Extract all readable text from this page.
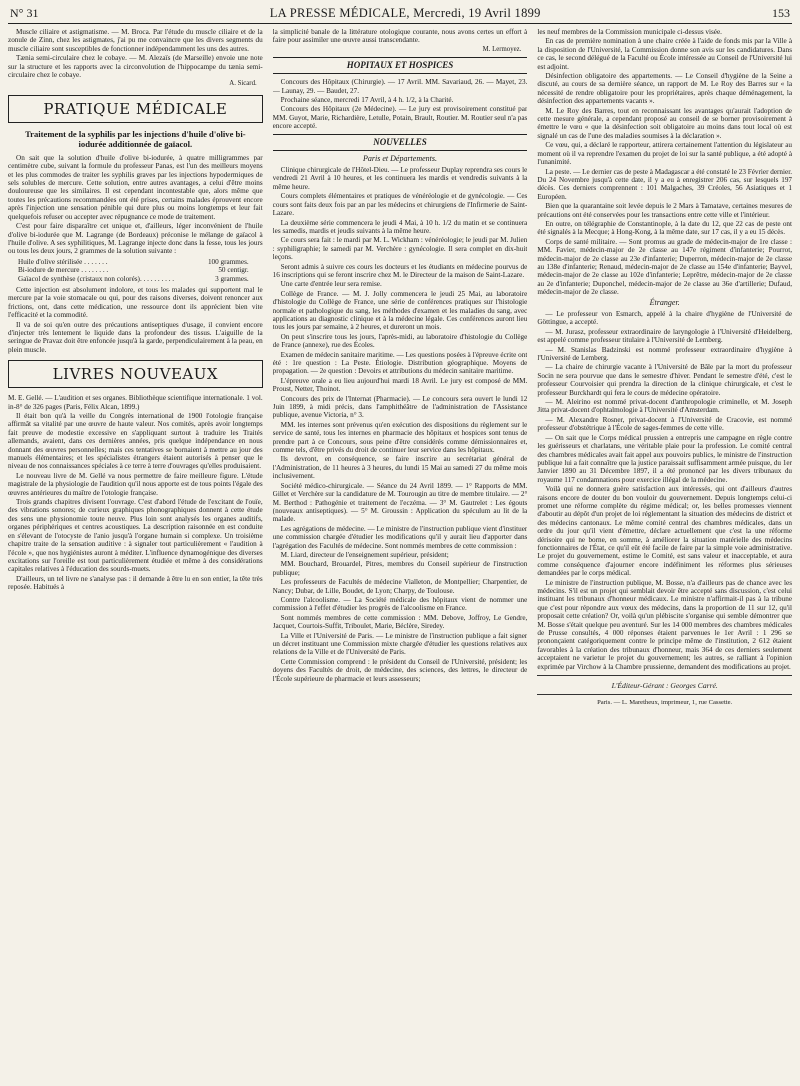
N° 31	LA PRESSE MÉDICALE, Mercredi, 19 Avril 1899	153

Muscle ciliaire et astigmatisme. — M. Broca. Par l'étude du muscle ciliaire et de la zonule de Zinn, chez les astigmates, j'ai pu me convaincre que les divers segments du muscle ciliaire sont susceptibles de fonctionner indépendamment les uns des autres.

Tænia semi-circulaire chez le cobaye. — M. Alezaïs (de Marseille) envoie une note sur la structure et les rapports avec la circonvolution de l'hippocampe du tænia semi-circulaire chez le cobaye.

A. Sicard.
PRATIQUE MÉDICALE
Traitement de la syphilis par les injections d'huile d'olive bi-iodurée additionnée de gaïacol.

On sait que la solution d'huile d'olive bi-iodurée, à quatre milligrammes par centimètre cube, suivant la formule du professeur Panas, est l'un des meilleurs moyens et les plus commodes de traiter les syphilis graves par les injections hypodermiques de sels solubles de mercure. Cette solution, entre autres avantages, a celui d'être moins douloureuse que les similaires. Il est cependant incontestable que, alors même que toutes les précautions recommandées ont été prises, certains malades éprouvent encore après l'injection une sensation pénible qui dure plus ou moins longtemps et leur fait quelquefois refuser ou accepter avec répugnance ce mode de traitement.

C'est pour faire disparaître cet unique et, d'ailleurs, léger inconvénient de l'huile d'olive bi-iodurée que M. Lagrange (de Bordeaux) préconise le mélange de gaïacol à l'huile d'olive. A ses syphilitiques, M. Lagrange injecte donc dans la fesse, tous les jours ou tous les deux jours, 2 grammes de la solution suivante :

Huile d'olive stérilisée . . . . . . .	100 grammes.
Bi-iodure de mercure . . . . . . . .	50 centigr.
Gaïacol de synthèse (cristaux non colorés). . . . . . . . . .	3 grammes.

Cette injection est absolument indolore, et tous les malades qui supportent mal le mercure par la voie stomacale ou qui, pour des raisons diverses, doivent renoncer aux frictions, ont, dans cette médication, une ressource dont ils apprécient bien vite l'efficacité et la commodité.

Il va de soi qu'en outre des précautions antiseptiques d'usage, il convient encore d'injecter très lentement le liquide dans la profondeur des tissus. L'aiguille de la seringue de Pravaz doit être enfoncée jusqu'à la garde, perpendiculairement à la peau, en plein muscle.

LIVRES NOUVEAUX

M. E. Gellé. — L'audition et ses organes. Bibliothèque scientifique internationale. 1 vol. in-8° de 326 pages (Paris, Félix Alcan, 1899.)

Il était bon qu'à la veille du Congrès international de 1900 l'otologie française affirmât sa vitalité par une œuvre de haute valeur. Nos comités, après avoir longtemps fait preuve de modestie excessive en s'appliquant surtout à traduire les Traités allemands, avaient, dans ces dernières années, pris quelque indépendance en nous donnant des œuvres personnelles; mais ces tentatives se bornaient à mettre au jour des manuels élémentaires; et les spécialistes étrangers étaient autorisés à penser que le niveau de nos connaissances spéciales à ce terre à terre d'ouvrages qu'elles produisaient.

Le nouveau livre de M. Gellé va nous permettre de faire meilleure figure. L'étude magistrale de la physiologie de l'audition qu'il nous apporte est de tous points l'égale des œuvres antérieures du maître de l'otologie française.

Trois grands chapitres divisent l'ouvrage. C'est d'abord l'étude de l'excitant de l'ouïe, des vibrations sonores; de curieux graphiques phonographiques donnent à cette étude des sens une physionomie toute neuve. Plus loin sont analysés les organes auditifs, organes périphériques et centres acoustiques. La description raisonnée en est conduite en s'élevant de l'otocyste de l'anio jusqu'à l'organe humain si complexe. Un troisième chapitre traite de la sensation auditive : à signaler tout particulièrement « l'audition à l'école », que nos hygiénistes auront à méditer. L'influence dynamogénique des diverses excitations sur l'oreille est tout particulièrement étudiée et même à des considérations capitales relatives à l'éducation des sourds-muets.

D'ailleurs, un tel livre ne s'analyse pas : il demande à être lu en son entier, la tête très reposée. Habitués à

la simplicité banale de la littérature otologique courante, nous avons certes un effort à faire pour assimiler une œuvre aussi transcendante.

M. Lermoyez.
HOPITAUX ET HOSPICES

Concours des Hôpitaux (Chirurgie). — 17 Avril. MM. Savariaud, 26. — Mayet, 23. — Launay, 29. — Baudet, 27.

Prochaine séance, mercredi 17 Avril, à 4 h. 1/2, à la Charité.

Concours des Hôpitaux (2e Médecine). — Le jury est provisoirement constitué par MM. Guyot, Marie, Richardière, Letulle, Potain, Brault, Routier. M. Routier seul n'a pas encore accepté.

NOUVELLES
Paris et Départements.

Clinique chirurgicale de l'Hôtel-Dieu. — Le professeur Duplay reprendra ses cours le vendredi 21 Avril à 10 heures, et les continuera les mardis et vendredis suivants à la même heure.

Cours complets élémentaires et pratiques de vénéréologie et de gynécologie. — Ces cours sont faits deux fois par an par les médecins et chirurgiens de l'Infirmerie de Saint-Lazare.

La deuxième série commencera le jeudi 4 Mai, à 10 h. 1/2 du matin et se continuera les samedis, mardis et jeudis suivants à la même heure.

Ce cours sera fait : le mardi par M. L. Wickham : vénéréologie; le jeudi par M. Julien : syphiligraphie; le samedi par M. Verchère : gynécologie. Il sera complet en dix-huit leçons.

Seront admis à suivre ces cours les docteurs et les étudiants en médecine pourvus de 16 inscriptions qui se feront inscrire chez M. le Directeur de la maison de Saint-Lazare.

Une carte d'entrée leur sera remise.

Collège de France. — M. J. Jolly commencera le jeudi 25 Mai, au laboratoire d'histologie du Collège de France, une série de conférences pratiques sur l'histologie normale et pathologique du sang, les méthodes d'examen et les maladies du sang, avec applications au diagnostic clinique et à la médecine légale. Ces conférences auront lieu tous les jours par semaine, à 2 heures, et dureront un mois.

On peut s'inscrire tous les jours, l'après-midi, au laboratoire d'histologie du Collège de France (annexe), rue des Écoles.

Examen de médecin sanitaire maritime. — Les questions posées à l'épreuve écrite ont été : 1re question : La Peste. Étiologie. Distribution géographique. Moyens de propagation. — 2e question : Devoirs et attributions du médecin sanitaire maritime.

L'épreuve orale a eu lieu aujourd'hui mardi 18 Avril. Le jury est composé de MM. Proust, Netter, Thoinot.

Concours des prix de l'Internat (Pharmacie). — Le concours sera ouvert le lundi 12 Juin 1899, à midi précis, dans l'amphithéâtre de l'administration de l'Assistance publique, avenue Victoria, n° 3.

MM. les internes sont prévenus qu'en exécution des dispositions du règlement sur le service de santé, tous les internes en pharmacie des hôpitaux et hospices sont tenus de prendre part à ce Concours, sous peine d'être considérés comme démissionnaires et, comme tels, d'être privés du droit de continuer leur service dans les hôpitaux.

Ils devront, en conséquence, se faire inscrire au secrétariat général de l'Administration, de 11 heures à 3 heures, du lundi 15 Mai au samedi 27 du même mois inclusivement.

Société médico-chirurgicale. — Séance du 24 Avril 1899. — 1° Rapports de MM. Gillet et Verchère sur la candidature de M. Tourougin au titre de membre titulaire. — 2° M. Berthod : Pathogénie et traitement de l'eczéma. — 3° M. Gautrelet : Les égouts (nouveaux antiseptiques). — 5° M. Groussin : Application du spéculum au lit de la malade.

Les agrégations de médecine. — Le ministre de l'instruction publique vient d'instituer une commission chargée d'étudier les modifications qu'il y aurait lieu d'apporter dans l'agrégation des Facultés de médecine. Sont nommés membres de cette commission :

M. Liard, directeur de l'enseignement supérieur, président;

MM. Bouchard, Brouardel, Pitres, membres du Conseil supérieur de l'instruction publique;

Les professeurs de Facultés de médecine Vialleton, de Montpellier; Charpentier, de Nancy; Dubar, de Lille, Boudet, de Lyon; Charpy, de Toulouse.

Contre l'alcoolisme. — La Société médicale des hôpitaux vient de nommer une commission à l'effet d'étudier les progrès de l'alcoolisme en France.

Sont nommés membres de cette commission : MM. Debove, Joffroy, Le Gendre, Jacquet, Courtois-Suffit, Triboulet, Marie, Béclère, Siredey.

La Ville et l'Université de Paris. — Le ministre de l'instruction publique a fait signer un décret instituant une Commission mixte chargée d'étudier les questions relatives aux relations de la Ville et de l'Université de Paris.

Cette Commission comprend : le président du Conseil de l'Université, président; les doyens des Facultés de droit, de médecine, des sciences, des lettres, le directeur de l'École supérieure de pharmacie et leurs assesseurs;

les neuf membres de la Commission municipale ci-dessus visée.

En cas de première nomination à une chaire créée à l'aide de fonds mis par la Ville à la disposition de l'Université, la Commission donne son avis sur les candidatures. Dans ce cas, le second délégué de la Faculté ou École intéressée au Conseil de l'Université lui est adjoint.

Désinfection obligatoire des appartements. — Le Conseil d'hygiène de la Seine a discuté, au cours de sa dernière séance, un rapport de M. Le Roy des Barres sur « la nécessité de rendre obligatoire pour les propriétaires, après chaque déménagement, la désinfection des appartements vacants ».

M. Le Roy des Barres, tout en reconnaissant les avantages qu'aurait l'adoption de cette mesure générale, a cependant proposé au conseil de se borner provisoirement à émettre le vœu « que la désinfection soit obligatoire au moins dans tout local où est signalé un cas de l'une des maladies soumises à la déclaration ».

Ce vœu, qui, a déclaré le rapporteur, attirera certainement l'attention du législateur au moment où il va reprendre l'examen du projet de loi sur la santé publique, a été adopté à l'unanimité.

La peste. — Le dernier cas de peste à Madagascar a été constaté le 23 Février dernier. Du 24 Novembre jusqu'à cette date, il y a eu à enregistrer 206 cas, sur lesquels 197 décès. Ces derniers comprennent : 101 Malgaches, 39 Créoles, 56 Asiatiques et 1 Européen.

Bien que la quarantaine soit levée depuis le 2 Mars à Tamatave, certaines mesures de précautions ont été conservées pour les transactions entre cette ville et l'intérieur.

En outre, on télégraphie de Constantinople, à la date du 12, que 22 cas de peste ont été signalés à la Mecque; à Hong-Kong, à la même date, sur 17 cas, il y a eu 15 décès.

Corps de santé militaire. — Sont promus au grade de médecin-major de 1re classe : MM. Favier, médecin-major de 2e classe au 147e régiment d'infanterie; Pourrot, médecin-major de 2e classe au 23e d'infanterie; Duperron, médecin-major de 2e classe au 138e d'infanterie; Renaud, médecin-major de 2e classe au 154e d'infanterie; Bayvel, médecin-major de 2e classe au 102e d'infanterie; Leprêtre, médecin-major de 2e classe au 2e d'infanterie; Duponchel, médecin-major de 2e classe au 36e d'artillerie; Dufaud, médecin-major de 2e classe.

Étranger.

— Le professeur von Esmarch, appelé à la chaire d'hygiène de l'Université de Göttingue, a accepté.

— M. Jurasz, professeur extraordinaire de laryngologie à l'Université d'Heidelberg, est appelé comme professeur titulaire à l'Université de Lemberg.

— M. Stanislas Badzinski est nommé professeur extraordinaire d'hygiène à l'Université de Lemberg.

— La chaire de chirurgie vacante à l'Université de Bâle par la mort du professeur Socin ne sera pourvue que dans le semestre d'hiver. Pendant le semestre d'été, c'est le professeur Courvoisier qui prendra la direction de la clinique chirurgicale, et c'est le professeur Burckhardt qui fera le cours de médecine opératoire.

— M. Aleirino est nommé privat-docent d'anthropologie criminelle, et M. Joseph Jitta privat-docent d'ophtalmologie à l'Université d'Amsterdam.

— M. Alexandre Rosner, privat-docent à l'Université de Cracovie, est nommé professeur d'obstétrique à l'École de sages-femmes de cette ville.

— On sait que le Corps médical prussien a entrepris une campagne en règle contre les guérisseurs et charlatans, une véritable plaie pour la profession. Le comité central des chambres médicales avait fait appel aux pouvoirs publics, le ministre de l'instruction publique lui a fait connaître que la justice paraissait suffisamment armée puisque, du 1er Janvier 1890 au 31 Décembre 1897, il a été prononcé par les divers tribunaux du royaume 117 condamnations pour exercice illégal de la médecine.

Voilà qui ne donnera guère satisfaction aux intéressés, qui ont d'ailleurs d'autres raisons encore de douter du bon vouloir du gouvernement. Depuis longtemps celui-ci promet une réforme complète du régime médical; or, les belles promesses viennent d'aboutir au dépôt d'un projet de loi réglementant la situation des médecins de district et des médecins cantonaux. Le même comité central des chambres médicales, dans un ordre du jour qu'il vient d'émettre, déclare actuellement que c'est la une réforme dérisoire qui ne borne, en somme, à améliorer la situation matérielle des médecins fonctionnaires de l'État, ce qu'il eût été facile de faire par la simple voie administrative. Le projet du gouvernement, estime le Comité, est sans valeur et inacceptable, et aura comme conséquence d'ajourner encore indéfiniment les réformes plus sérieuses demandées par le corps médical.

Le ministre de l'instruction publique, M. Bosse, n'a d'ailleurs pas de chance avec les médecins. S'il est un projet qui semblait devoir être accepté sans discussion, c'est celui instituant les tribunaux d'honneur médicaux. Le ministre n'affirmait-il pas à la tribune que c'est pour répondre aux vœux des médecins, dans la proportion de 11 sur 12, qu'il proposait cette création? Or, voilà qu'un plébiscite s'organise qui semble démontrer que M. Bosse s'était quelque peu aventuré. Sur les 14 000 membres des chambres médicales de Prusse consultés, 4 000 réponses étaient parvenues le 1er Avril : 1 296 se prononçaient catégoriquement contre le principe même de l'institution, 2 612 étaient favorables à la création des tribunaux d'honneur, mais 364 de ces derniers seulement acceptaient ne varietur le projet du gouvernement; les autres, se ralliant à l'opinion exprimée par Virchow à la Chambre prussienne, demandent des modifications au projet.

L'Éditeur-Gérant : Georges Carré.
Paris. — L. Maretheux, imprimeur, 1, rue Cassette.
